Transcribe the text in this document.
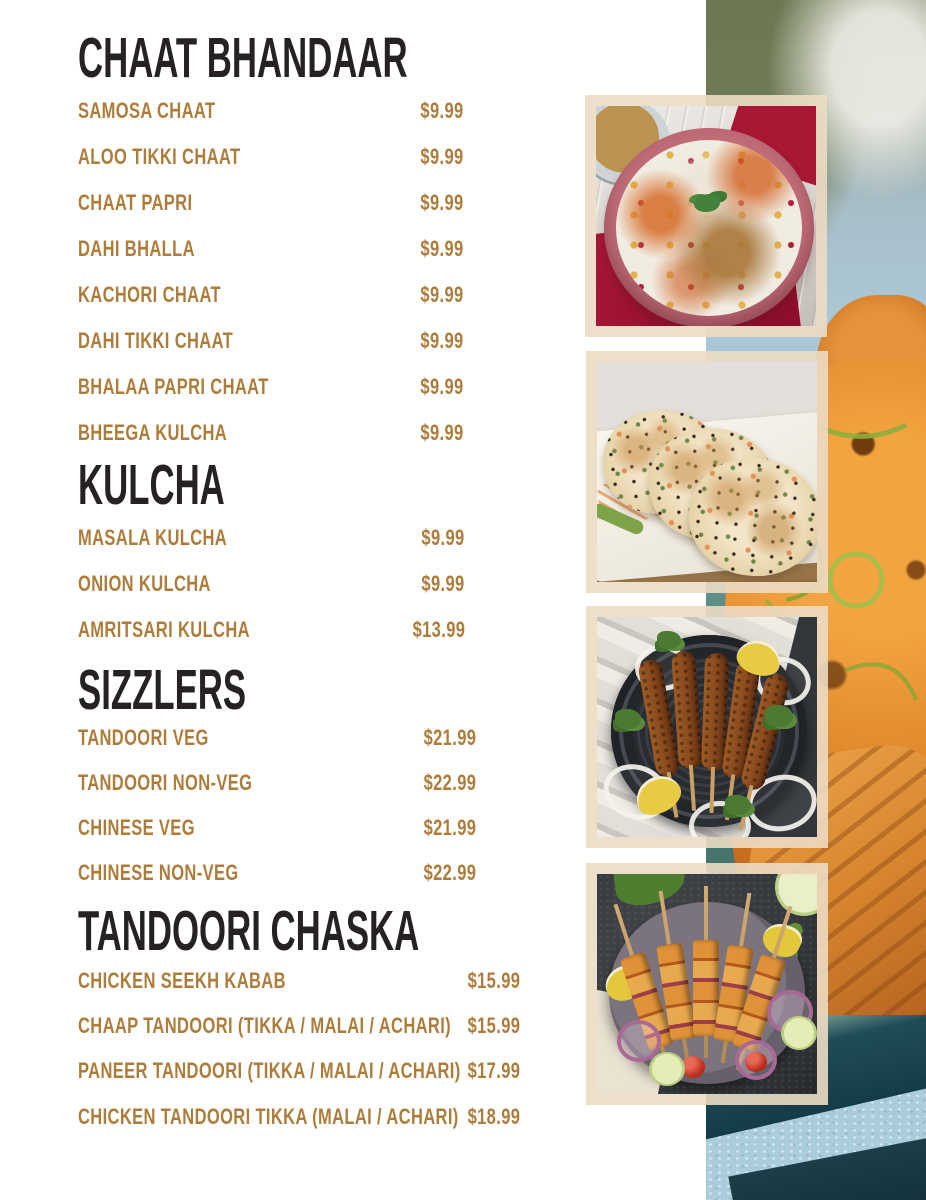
CHAAT BHANDAAR
SAMOSA CHAAT	$9.99
ALOO TIKKI CHAAT	$9.99
CHAAT PAPRI	$9.99
DAHI BHALLA	$9.99
KACHORI CHAAT	$9.99
DAHI TIKKI CHAAT	$9.99
BHALAA PAPRI CHAAT	$9.99
BHEEGA KULCHA	$9.99
KULCHA
MASALA KULCHA	$9.99
ONION KULCHA	$9.99
AMRITSARI KULCHA	$13.99
SIZZLERS
TANDOORI VEG	$21.99
TANDOORI NON-VEG	$22.99
CHINESE VEG	$21.99
CHINESE NON-VEG	$22.99
TANDOORI CHASKA
CHICKEN SEEKH KABAB	$15.99
CHAAP TANDOORI (TIKKA / MALAI / ACHARI) $15.99
PANEER TANDOORI (TIKKA / MALAI / ACHARI) $17.99
CHICKEN TANDOORI TIKKA (MALAI / ACHARI) $18.99
